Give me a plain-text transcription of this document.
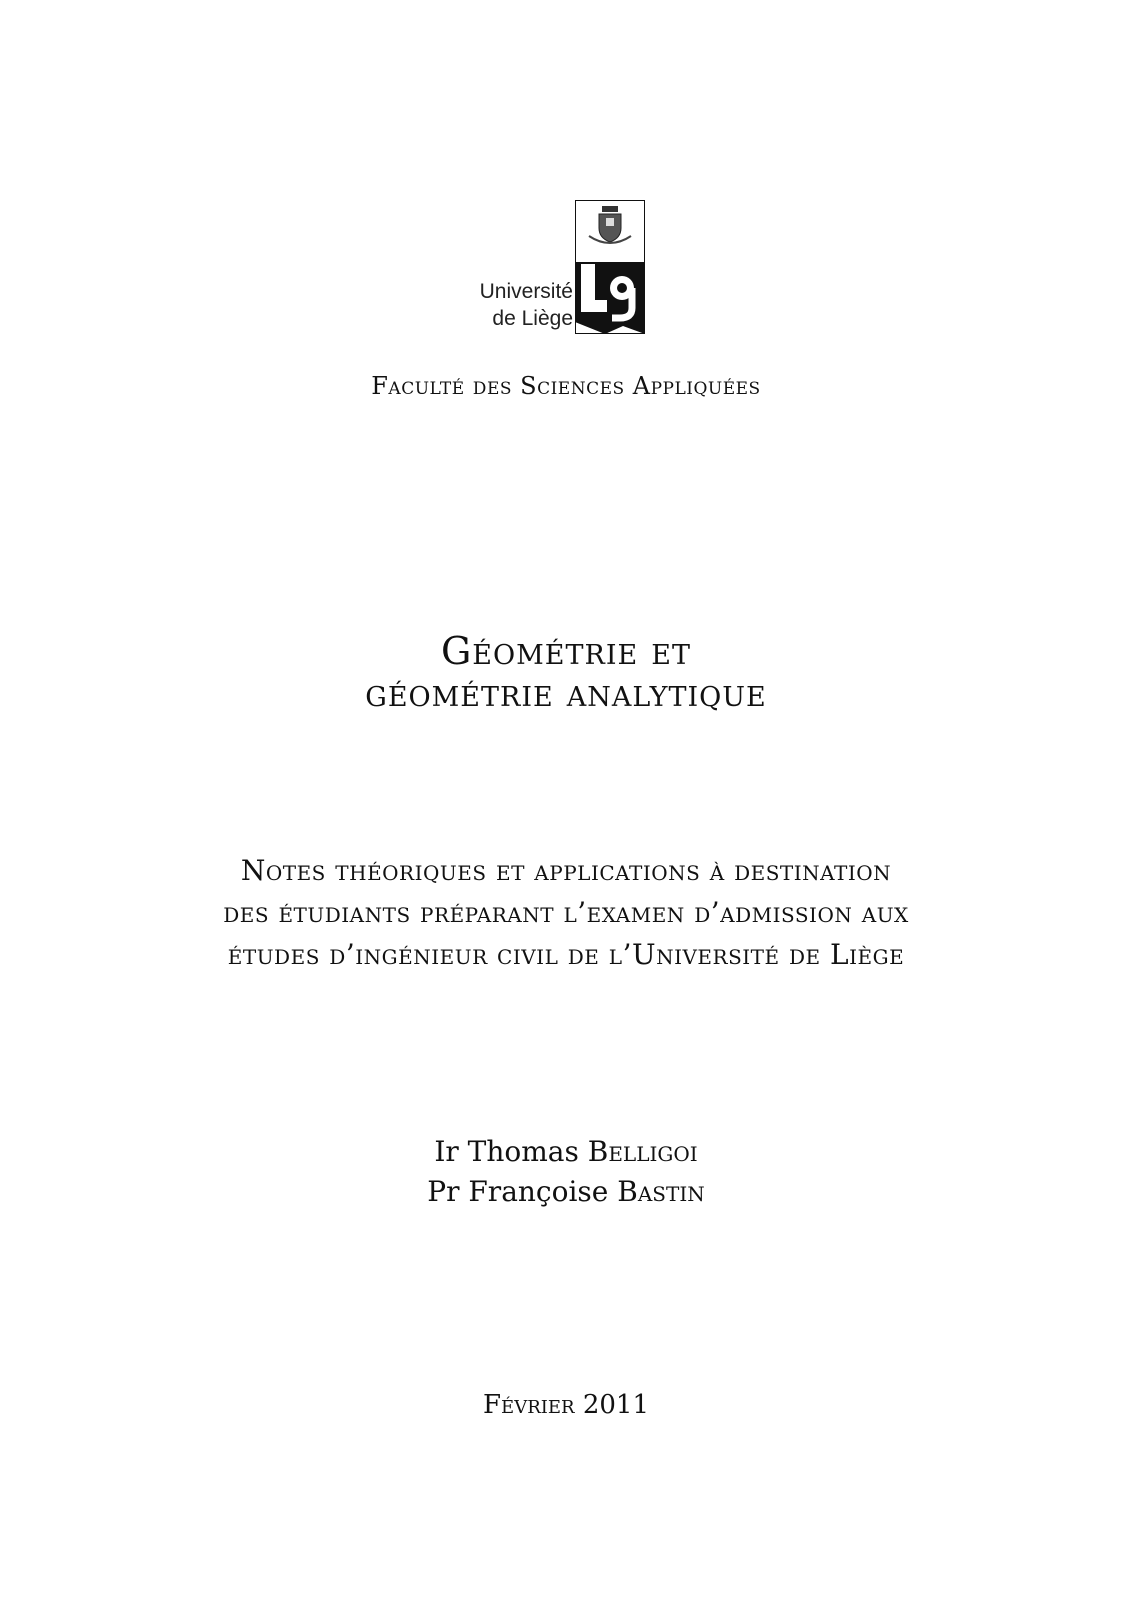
Université
de Liège
Faculté des Sciences Appliquées
Géométrie et
géométrie analytique
Notes théoriques et applications à destination
des étudiants préparant l’examen d’admission aux
études d’ingénieur civil de l’Université de Liège
Ir Thomas Belligoi
Pr Françoise Bastin
Février 2011
